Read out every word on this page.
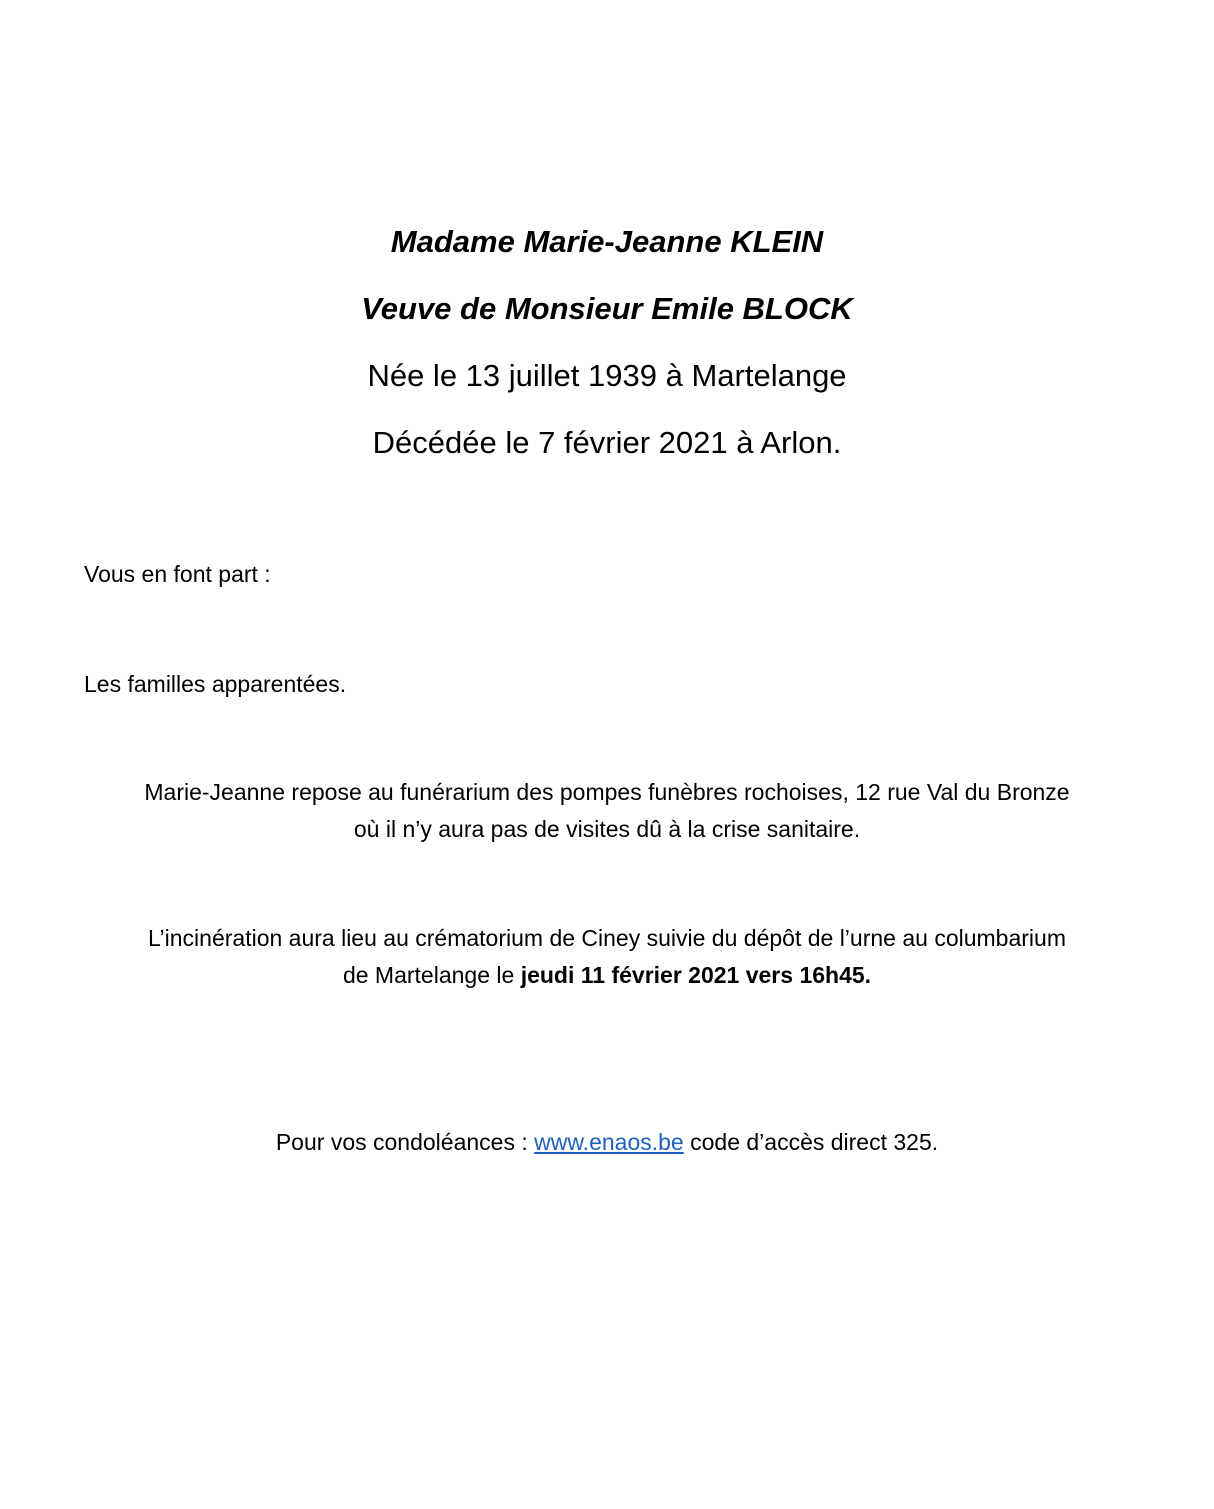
Madame Marie-Jeanne KLEIN
Veuve de Monsieur Emile BLOCK
Née le 13 juillet 1939 à Martelange
Décédée le 7 février 2021 à Arlon.
Vous en font part :
Les familles apparentées.
Marie-Jeanne repose au funérarium des pompes funèbres rochoises, 12 rue Val du Bronze
où il n’y aura pas de visites dû à la crise sanitaire.
L’incinération aura lieu au crématorium de Ciney suivie du dépôt de l’urne au columbarium
de Martelange le jeudi 11 février 2021 vers 16h45.
Pour vos condoléances : www.enaos.be code d’accès direct 325.
